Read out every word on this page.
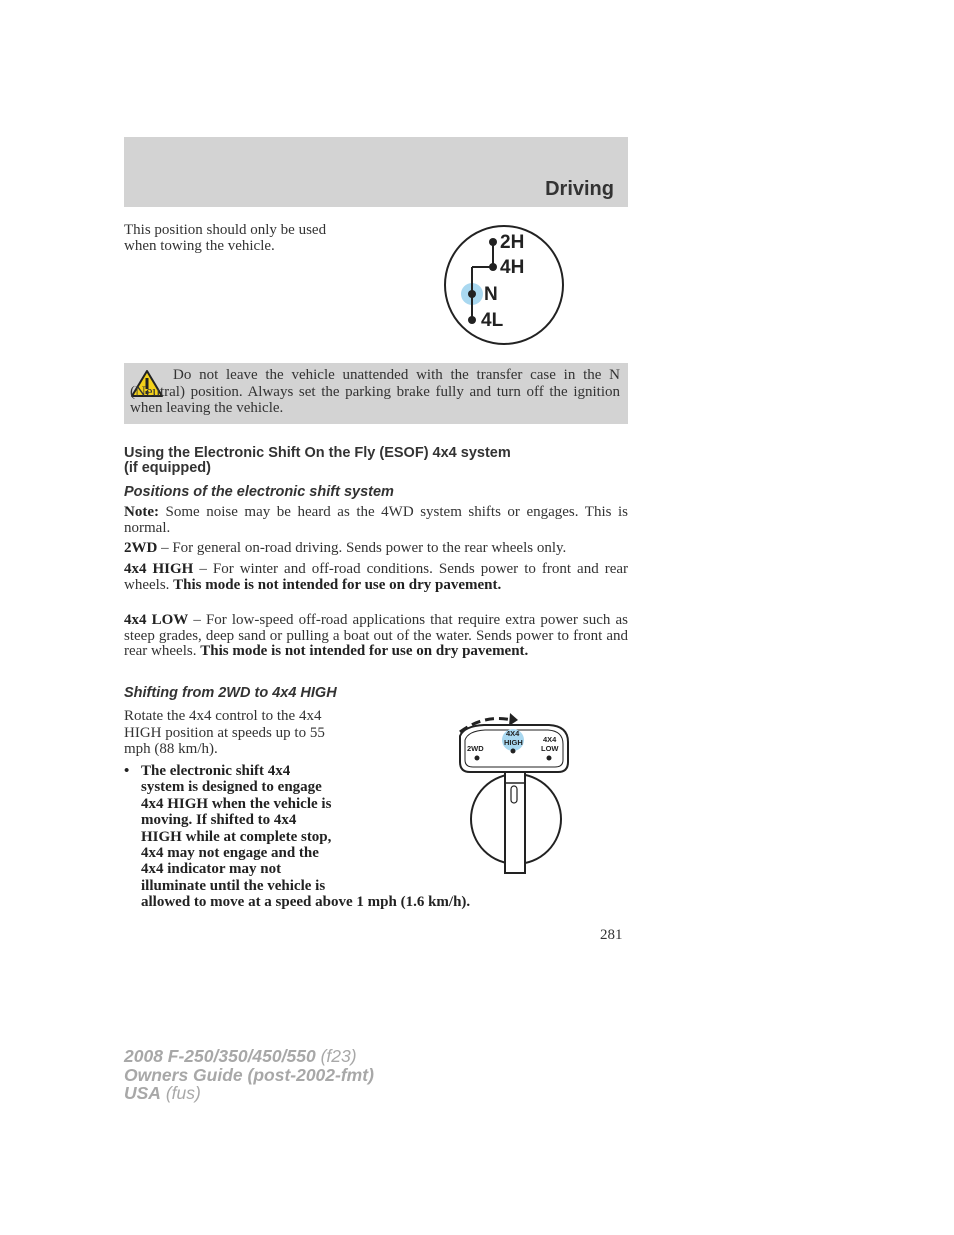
Driving
This position should only be used
when towing the vehicle.	2H
4H
N
4L
Do not leave the vehicle unattended with the transfer case in the N (Neutral) position. Always set the parking brake fully and turn off the ignition when leaving the vehicle.
Using the Electronic Shift On the Fly (ESOF) 4x4 system
(if equipped)
Positions of the electronic shift system
Note: Some noise may be heard as the 4WD system shifts or engages. This is normal.
2WD – For general on-road driving. Sends power to the rear wheels only.
4x4 HIGH – For winter and off-road conditions. Sends power to front and rear wheels. This mode is not intended for use on dry pavement.
4x4 LOW – For low-speed off-road applications that require extra power such as steep grades, deep sand or pulling a boat out of the water. Sends power to front and rear wheels. This mode is not intended for use on dry pavement.
Shifting from 2WD to 4x4 HIGH
Rotate the 4x4 control to the 4x4
HIGH position at speeds up to 55
mph (88 km/h).
• The electronic shift 4x4
system is designed to engage
4x4 HIGH when the vehicle is
moving. If shifted to 4x4
HIGH while at complete stop,
4x4 may not engage and the
4x4 indicator may not
illuminate until the vehicle is
allowed to move at a speed above 1 mph (1.6 km/h).
2WD
4X4
HIGH	4X4
LOW
281
2008 F-250/350/450/550 (f23)
Owners Guide (post-2002-fmt)
USA (fus)
